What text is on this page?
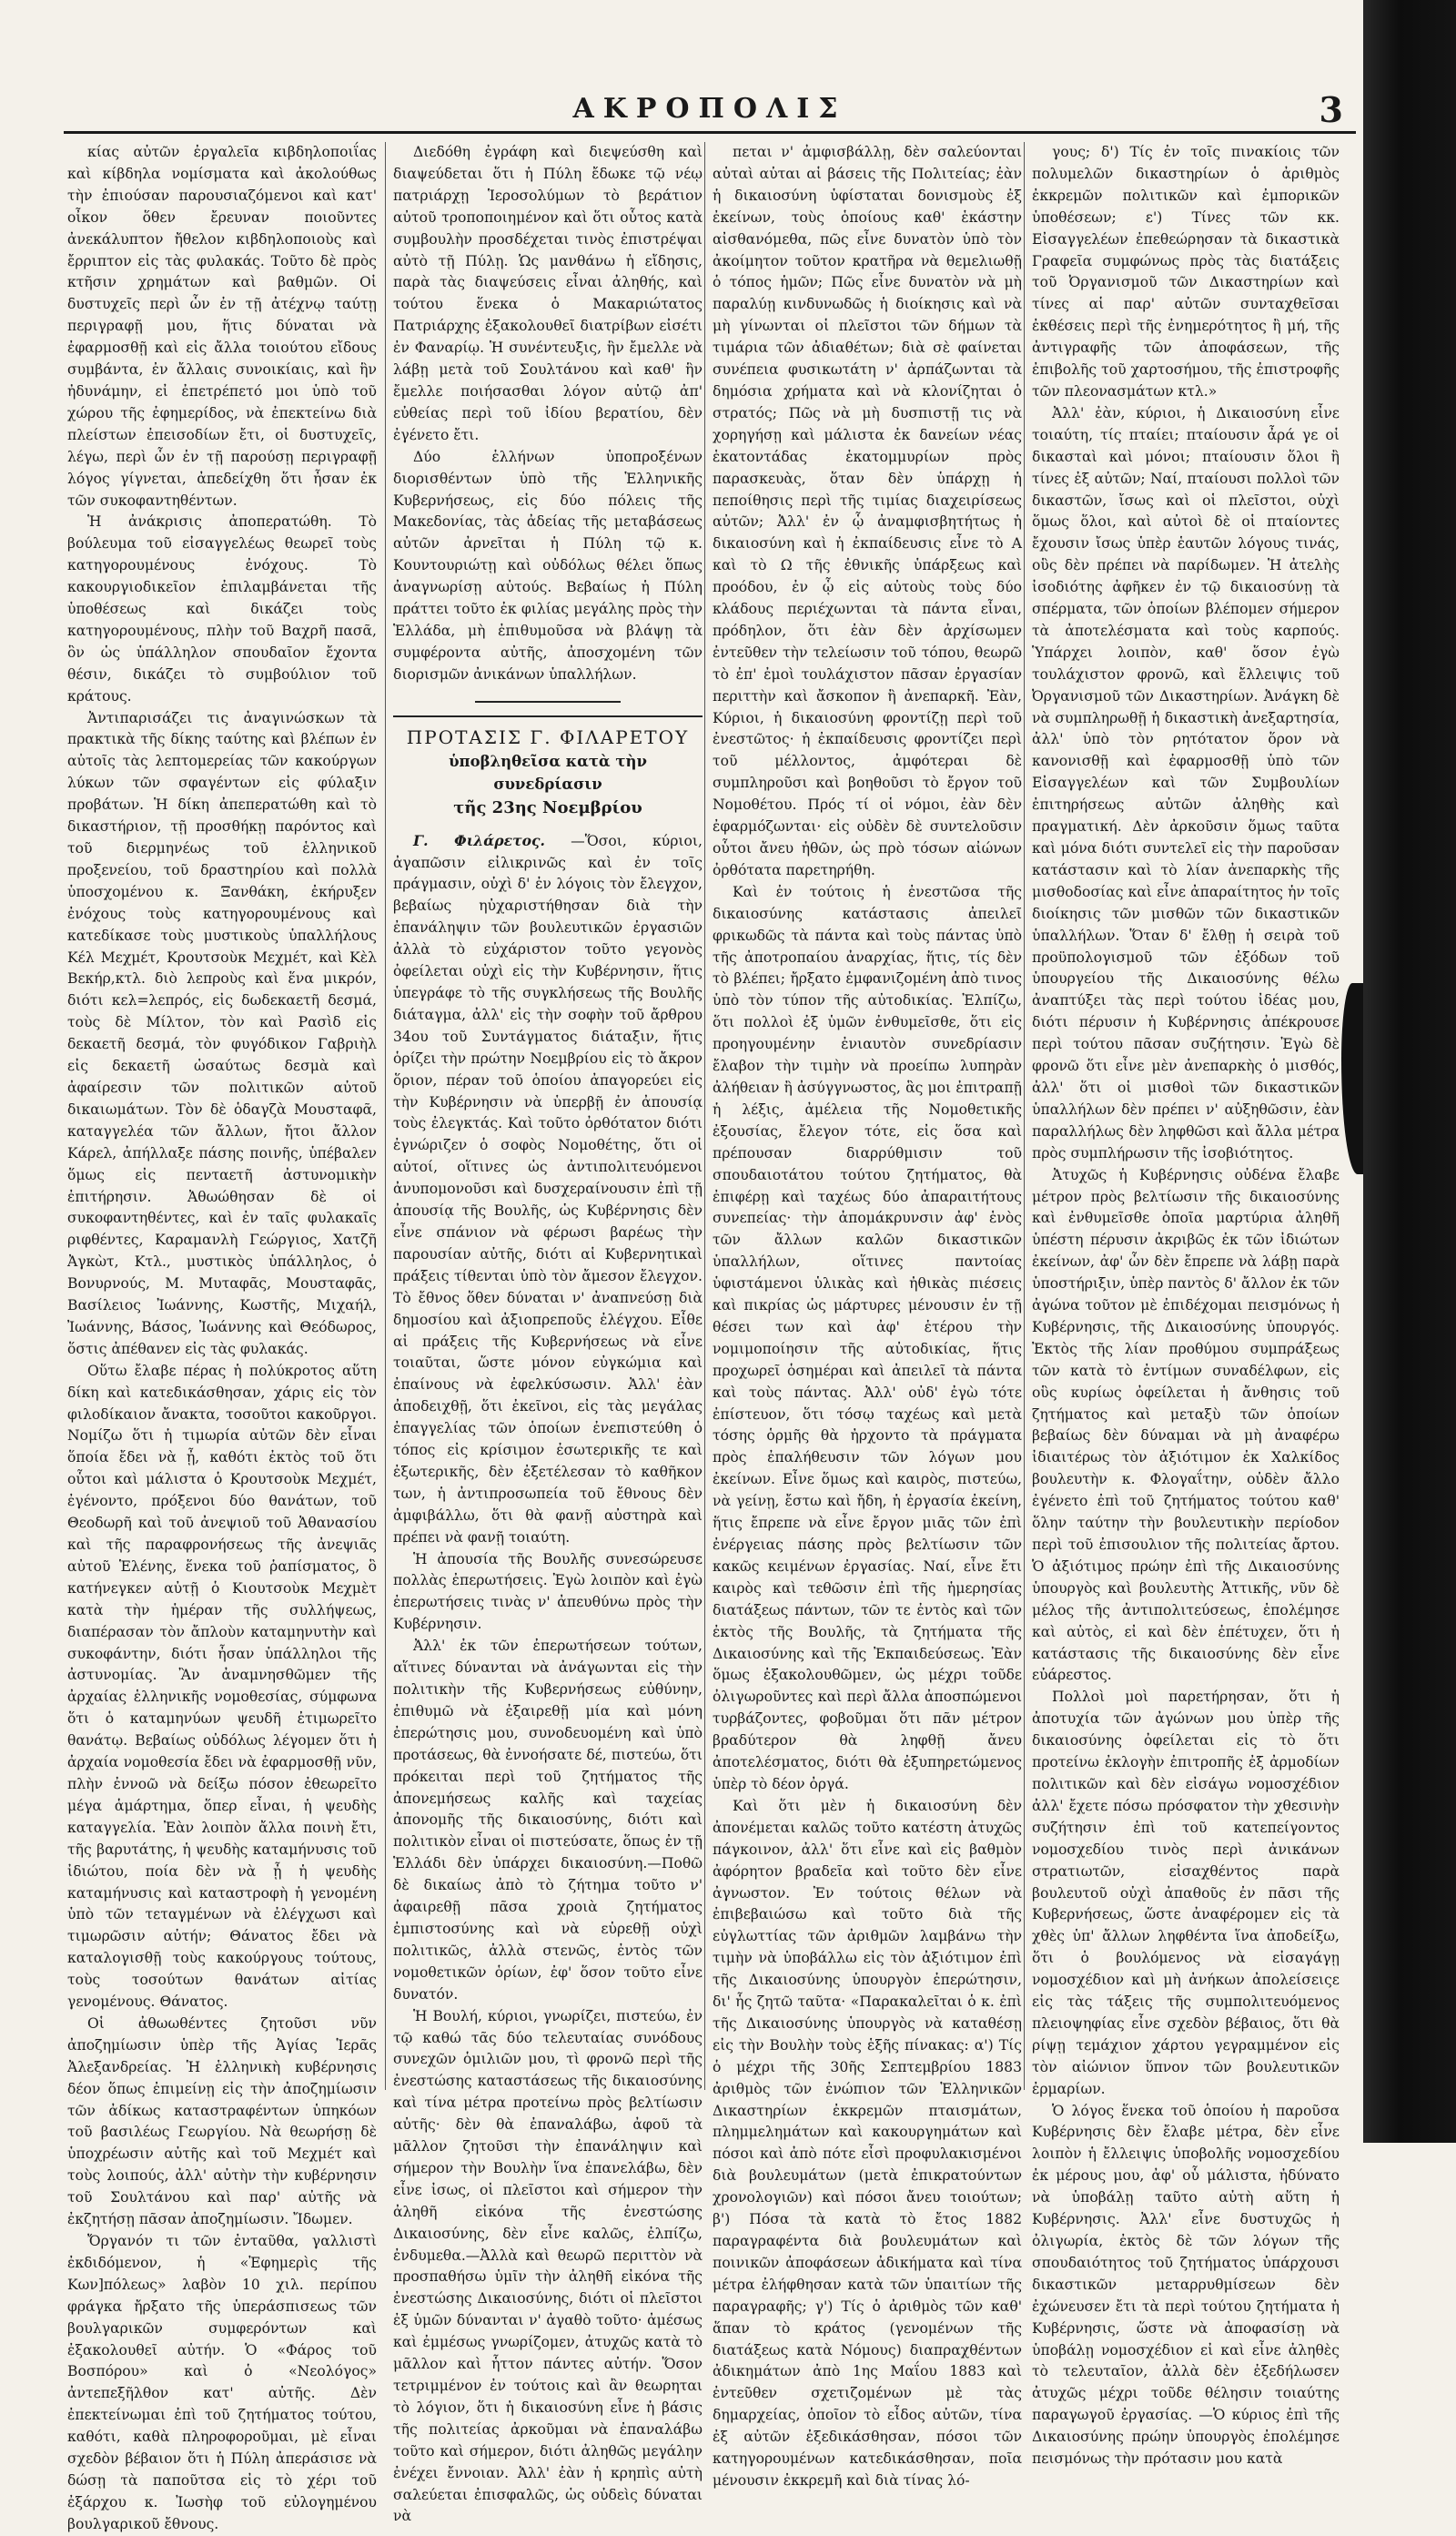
ΑΚΡΟΠΟΛΙΣ	3

κίας αὐτῶν ἐργαλεῖα κιβδηλοποιΐας καὶ κίβδηλα νομίσματα καὶ ἀκολούθως τὴν ἐπιούσαν παρουσιαζόμενοι καὶ κατ' οἶκον ὅθεν ἔρευναν ποιοῦντες ἀνεκάλυπτον ἤθελον κιβδηλοποιοὺς καὶ ἔρριπτον εἰς τὰς φυλακάς. Τοῦτο δὲ πρὸς κτῆσιν χρημάτων καὶ βαθμῶν. Οἱ δυστυχεῖς περὶ ὧν ἐν τῇ ἀτέχνῳ ταύτῃ περιγραφῇ μου, ἥτις δύναται νὰ ἐφαρμοσθῇ καὶ εἰς ἄλλα τοιούτου εἴδους συμβάντα, ἐν ἄλλαις συνοικίαις, καὶ ἣν ἠδυνάμην, εἰ ἐπετρέπετό μοι ὑπὸ τοῦ χώρου τῆς ἐφημερίδος, νὰ ἐπεκτείνω διὰ πλείστων ἐπεισοδίων ἔτι, οἱ δυστυχεῖς, λέγω, περὶ ὧν ἐν τῇ παρούσῃ περιγραφῇ λόγος γίγνεται, ἀπεδείχθη ὅτι ἦσαν ἐκ τῶν συκοφαντηθέντων.

Ἡ ἀνάκρισις ἀποπερατώθη. Τὸ βούλευμα τοῦ εἰσαγγελέως θεωρεῖ τοὺς κατηγορουμένους ἐνόχους. Τὸ κακουργιοδικεῖον ἐπιλαμβάνεται τῆς ὑποθέσεως καὶ δικάζει τοὺς κατηγορουμένους, πλὴν τοῦ Βαχρῆ πασᾶ, ὃν ὡς ὑπάλληλον σπουδαῖον ἔχοντα θέσιν, δικάζει τὸ συμβούλιον τοῦ κράτους.

Ἀντιπαρισάζει τις ἀναγινώσκων τὰ πρακτικὰ τῆς δίκης ταύτης καὶ βλέπων ἐν αὐτοῖς τὰς λεπτομερείας τῶν κακούργων λύκων τῶν σφαγέντων εἰς φύλαξιν προβάτων. Ἡ δίκη ἀπεπερατώθη καὶ τὸ δικαστήριον, τῇ προσθήκῃ παρόντος καὶ τοῦ διερμηνέως τοῦ ἑλληνικοῦ προξενείου, τοῦ δραστηρίου καὶ πολλὰ ὑποσχομένου κ. Ξανθάκη, ἐκήρυξεν ἐνόχους τοὺς κατηγορουμένους καὶ κατεδίκασε τοὺς μυστικοὺς ὑπαλλήλους Κέλ Μεχμέτ, Κρουτσοὺκ Μεχμέτ, καὶ Κὲλ Βεκήρ,κτλ. διὸ λεπροὺς καὶ ἕνα μικρόν, διότι κελ=λεπρός, εἰς δωδεκαετῆ δεσμά, τοὺς δὲ Μίλτον, τὸν καὶ Ρασὶδ εἰς δεκαετῆ δεσμά, τὸν φυγόδικον Γαβριὴλ εἰς δεκαετῆ ὡσαύτως δεσμὰ καὶ ἀφαίρεσιν τῶν πολιτικῶν αὐτοῦ δικαιωμάτων. Τὸν δὲ ὁδαγζὰ Μουσταφᾶ, καταγγελέα τῶν ἄλλων, ἤτοι ἄλλον Κάρελ, ἀπήλλαξε πάσης ποινῆς, ὑπέβαλεν ὅμως εἰς πενταετῆ ἀστυνομικὴν ἐπιτήρησιν. Ἀθωώθησαν δὲ οἱ συκοφαντηθέντες, καὶ ἐν ταῖς φυλακαῖς ριφθέντες, Καραμανλὴ Γεώργιος, Χατζῆ Ἀγκὼτ, Κτλ., μυστικὸς ὑπάλληλος, ὁ Βονυρνούς, Μ. Μυταφᾶς, Μουσταφᾶς, Βασίλειος Ἰωάννης, Κωστῆς, Μιχαήλ, Ἰωάννης, Βάσος, Ἰωάννης καὶ Θεόδωρος, ὅστις ἀπέθανεν εἰς τὰς φυλακάς.

Οὕτω ἔλαβε πέρας ἡ πολύκροτος αὕτη δίκη καὶ κατεδικάσθησαν, χάρις εἰς τὸν φιλοδίκαιον ἄνακτα, τοσοῦτοι κακοῦργοι. Νομίζω ὅτι ἡ τιμωρία αὐτῶν δὲν εἶναι ὅποία ἔδει νὰ ᾖ, καθότι ἐκτὸς τοῦ ὅτι οὗτοι καὶ μάλιστα ὁ Κρουτσοὺκ Μεχμέτ, ἐγένοντο, πρόξενοι δύο θανάτων, τοῦ Θεοδωρῆ καὶ τοῦ ἀνεψιοῦ τοῦ Ἀθανασίου καὶ τῆς παραφρονήσεως τῆς ἀνεψιᾶς αὐτοῦ Ἑλένης, ἕνεκα τοῦ ῥαπίσματος, ὃ κατήνεγκεν αὐτῇ ὁ Κιουτσοὺκ Μεχμὲτ κατὰ τὴν ἡμέραν τῆς συλλήψεως, διαπέρασαν τὸν ἄπλοὺν καταμηνυτὴν καὶ συκοφάντην, διότι ἦσαν ὑπάλληλοι τῆς ἀστυνομίας. Ἂν ἀναμνησθῶμεν τῆς ἀρχαίας ἑλληνικῆς νομοθεσίας, σύμφωνα ὅτι ὁ καταμηνύων ψευδῆ ἐτιμωρεῖτο θανάτῳ. Βεβαίως οὐδόλως λέγομεν ὅτι ἡ ἀρχαία νομοθεσία ἔδει νὰ ἐφαρμοσθῇ νῦν, πλὴν ἐννοῶ νὰ δείξω πόσον ἐθεωρεῖτο μέγα ἁμάρτημα, ὅπερ εἶναι, ἡ ψευδὴς καταγγελία. Ἐὰν λοιπὸν ἄλλα ποινὴ ἔτι, τῆς βαρυτάτης, ἡ ψευδὴς καταμήνυσις τοῦ ἰδιώτου, ποία δὲν νὰ ᾖ ἡ ψευδὴς καταμήνυσις καὶ καταστροφὴ ἡ γενομένη ὑπὸ τῶν τεταγμένων νὰ ἐλέγχωσι καὶ τιμωρῶσιν αὐτήν; Θάνατος ἔδει νὰ καταλογισθῇ τοὺς κακούργους τούτους, τοὺς τοσούτων θανάτων αἰτίας γενομένους. Θάνατος.

Οἱ ἀθωωθέντες ζητοῦσι νῦν ἀποζημίωσιν ὑπὲρ τῆς Ἀγίας Ἱερᾶς Ἀλεξανδρείας. Ἡ ἑλληνικὴ κυβέρνησις δέον ὅπως ἐπιμείνῃ εἰς τὴν ἀποζημίωσιν τῶν ἀδίκως καταστραφέντων ὑπηκόων τοῦ βασιλέως Γεωργίου. Νὰ θεωρήσῃ δὲ ὑποχρέωσιν αὐτῆς καὶ τοῦ Μεχμέτ καὶ τοὺς λοιπούς, ἀλλ' αὐτὴν τὴν κυβέρνησιν τοῦ Σουλτάνου καὶ παρ' αὐτῆς νὰ ἐκζητήσῃ πᾶσαν ἀποζημίωσιν. Ἴδωμεν.

Ὄργανόν τι τῶν ἐνταῦθα, γαλλιστὶ ἐκδιδόμενον, ἡ «Ἐφημερὶς τῆς Κων]πόλεως» λαβὸν 10 χιλ. περίπου φράγκα ἤρξατο τῆς ὑπεράσπισεως τῶν βουλγαρικῶν συμφερόντων καὶ ἐξακολουθεῖ αὐτήν. Ὁ «Φάρος τοῦ Βοσπόρου» καὶ ὁ «Νεολόγος» ἀντεπεξῆλθον κατ' αὐτῆς. Δὲν ἐπεκτείνωμαι ἐπὶ τοῦ ζητήματος τούτου, καθότι, καθὰ πληροφοροῦμαι, μὲ εἶναι σχεδὸν βέβαιον ὅτι ἡ Πύλη ἀπεράσισε νὰ δώσῃ τὰ παποῦτσα εἰς τὸ χέρι τοῦ ἐξάρχου κ. Ἰωσὴφ τοῦ εὐλογημένου βουλγαρικοῦ ἔθνους.

Διεδόθη ἐγράφη καὶ διεψεύσθη καὶ διαψεύδεται ὅτι ἡ Πύλη ἔδωκε τῷ νέῳ πατριάρχῃ Ἱεροσολύμων τὸ βεράτιον αὐτοῦ τροποποιημένον καὶ ὅτι οὗτος κατὰ συμβουλὴν προσδέχεται τινὸς ἐπιστρέψαι αὐτὸ τῇ Πύλῃ. Ὡς μανθάνω ἡ εἴδησις, παρὰ τὰς διαψεύσεις εἶναι ἀληθής, καὶ τούτου ἕνεκα ὁ Μακαριώτατος Πατριάρχης ἐξακολουθεῖ διατρίβων εἰσέτι ἐν Φαναρίῳ. Ἡ συνέντευξις, ἣν ἔμελλε νὰ λάβῃ μετὰ τοῦ Σουλτάνου καὶ καθ' ἣν ἔμελλε ποιήσασθαι λόγον αὐτῷ ἀπ' εὐθείας περὶ τοῦ ἰδίου βερατίου, δὲν ἐγένετο ἔτι.

Δύο ἑλλήνων ὑποπροξένων διορισθέντων ὑπὸ τῆς Ἑλληνικῆς Κυβερνήσεως, εἰς δύο πόλεις τῆς Μακεδονίας, τὰς ἀδείας τῆς μεταβάσεως αὐτῶν ἀρνεῖται ἡ Πύλη τῷ κ. Κουντουριώτῃ καὶ οὐδόλως θέλει ὅπως ἀναγνωρίσῃ αὐτούς. Βεβαίως ἡ Πύλη πράττει τοῦτο ἐκ φιλίας μεγάλης πρὸς τὴν Ἑλλάδα, μὴ ἐπιθυμοῦσα νὰ βλάψῃ τὰ συμφέροντα αὐτῆς, ἀποσχομένη τῶν διορισμῶν ἀνικάνων ὑπαλλήλων.

ΠΡΟΤΑΣΙΣ Γ. ΦΙΛΑΡΕΤΟΥ
ὑποβληθεῖσα κατὰ τὴν συνεδρίασιν
τῆς 23ης Νοεμβρίου

Γ. Φιλάρετος. —Ὅσοι, κύριοι, ἀγαπῶσιν εἰλικρινῶς καὶ ἐν τοῖς πράγμασιν, οὐχὶ δ' ἐν λόγοις τὸν ἔλεγχον, βεβαίως ηὐχαριστήθησαν διὰ τὴν ἐπανάληψιν τῶν βουλευτικῶν ἐργασιῶν ἀλλὰ τὸ εὐχάριστον τοῦτο γεγονὸς ὀφείλεται οὐχὶ εἰς τὴν Κυβέρνησιν, ἥτις ὑπεγράφε τὸ τῆς συγκλήσεως τῆς Βουλῆς διάταγμα, ἀλλ' εἰς τὴν σοφὴν τοῦ ἄρθρου 34ου τοῦ Συντάγματος διάταξιν, ἥτις ὁρίζει τὴν πρώτην Νοεμβρίου εἰς τὸ ἄκρον ὅριον, πέραν τοῦ ὁποίου ἀπαγορεύει εἰς τὴν Κυβέρνησιν νὰ ὑπερβῇ ἐν ἀπουσίᾳ τοὺς ἐλεγκτάς. Καὶ τοῦτο ὀρθότατον διότι ἐγνώριζεν ὁ σοφὸς Νομοθέτης, ὅτι οἱ αὐτοί, οἵτινες ὡς ἀντιπολιτευόμενοι ἀνυπομονοῦσι καὶ δυσχεραίνουσιν ἐπὶ τῇ ἀπουσίᾳ τῆς Βουλῆς, ὡς Κυβέρνησις δὲν εἶνε σπάνιον νὰ φέρωσι βαρέως τὴν παρουσίαν αὐτῆς, διότι αἱ Κυβερνητικαὶ πράξεις τίθενται ὑπὸ τὸν ἄμεσον ἔλεγχον. Τὸ ἔθνος ὅθεν δύναται ν' ἀναπνεύσῃ διὰ δημοσίου καὶ ἀξιοπρεποῦς ἐλέγχου. Εἶθε αἱ πράξεις τῆς Κυβερνήσεως νὰ εἶνε τοιαῦται, ὥστε μόνον εὐγκώμια καὶ ἐπαίνους νὰ ἐφελκύσωσιν. Ἀλλ' ἐὰν ἀποδειχθῇ, ὅτι ἐκεῖνοι, εἰς τὰς μεγάλας ἐπαγγελίας τῶν ὁποίων ἐνεπιστεύθη ὁ τόπος εἰς κρίσιμον ἐσωτερικῆς τε καὶ ἐξωτερικῆς, δὲν ἐξετέλεσαν τὸ καθῆκον των, ἡ ἀντιπροσωπεία τοῦ ἔθνους δὲν ἀμφιβάλλω, ὅτι θὰ φανῇ αὐστηρὰ καὶ πρέπει νὰ φανῇ τοιαύτη.

Ἡ ἀπουσία τῆς Βουλῆς συνεσώρευσε πολλὰς ἐπερωτήσεις. Ἐγὼ λοιπὸν καὶ ἐγὼ ἐπερωτήσεις τινὰς ν' ἀπευθύνω πρὸς τὴν Κυβέρνησιν.

Ἀλλ' ἐκ τῶν ἐπερωτήσεων τούτων, αἵτινες δύνανται νὰ ἀνάγωνται εἰς τὴν πολιτικὴν τῆς Κυβερνήσεως εὐθύνην, ἐπιθυμῶ νὰ ἐξαιρεθῇ μία καὶ μόνη ἐπερώτησις μου, συνοδευομένη καὶ ὑπὸ προτάσεως, θὰ ἐννοήσατε δέ, πιστεύω, ὅτι πρόκειται περὶ τοῦ ζητήματος τῆς ἀπονεμήσεως καλῆς καὶ ταχείας ἀπονομῆς τῆς δικαιοσύνης, διότι καὶ πολιτικὸν εἶναι οἱ πιστεύσατε, ὅπως ἐν τῇ Ἑλλάδι δὲν ὑπάρχει δικαιοσύνη.—Ποθῶ δὲ δικαίως ἀπὸ τὸ ζήτημα τοῦτο ν' ἀφαιρεθῇ πᾶσα χροιὰ ζητήματος ἐμπιστοσύνης καὶ νὰ εὑρεθῇ οὐχὶ πολιτικῶς, ἀλλὰ στενῶς, ἐντὸς τῶν νομοθετικῶν ὁρίων, ἐφ' ὅσον τοῦτο εἶνε δυνατόν.

Ἡ Βουλή, κύριοι, γνωρίζει, πιστεύω, ἐν τῷ καθώ τᾶς δύο τελευταίας συνόδους συνεχῶν ὁμιλιῶν μου, τὶ φρονῶ περὶ τῆς ἐνεστώσης καταστάσεως τῆς δικαιοσύνης καὶ τίνα μέτρα προτείνω πρὸς βελτίωσιν αὐτῆς· δὲν θὰ ἐπαναλάβω, ἀφοῦ τὰ μᾶλλον ζητοῦσι τὴν ἐπανάληψιν καὶ σήμερον τὴν Βουλὴν ἵνα ἐπανελάβω, δὲν εἶνε ἰσως, οἱ πλεῖστοι καὶ σήμερον τὴν ἀληθῆ εἰκόνα τῆς ἐνεστώσης Δικαιοσύνης, δὲν εἶνε καλῶς, ἐλπίζω, ἐνδυμεθα.—Ἀλλὰ καὶ θεωρῶ περιττὸν νὰ προσπαθήσω ὑμῖν τὴν ἀληθῆ εἰκόνα τῆς ἐνεστώσης Δικαιοσύνης, διότι οἱ πλεῖστοι ἐξ ὑμῶν δύνανται ν' ἀγαθὸ τοῦτο· ἀμέσως καὶ ἐμμέσως γνωρίζομεν, ἀτυχῶς κατὰ τὸ μᾶλλον καὶ ἧττον πάντες αὐτήν. Ὅσον τετριμμένον ἐν τούτοις καὶ ἂν θεωρηται τὸ λόγιον, ὅτι ἡ δικαιοσύνη εἶνε ἡ βάσις τῆς πολιτείας ἀρκοῦμαι νὰ ἐπαναλάβω τοῦτο καὶ σήμερον, διότι ἀληθῶς μεγάλην ἐνέχει ἔννοιαν. Ἀλλ' ἐὰν ἡ κρηπὶς αὐτὴ σαλεύεται ἐπισφαλῶς, ὡς οὐδεὶς δύναται νὰ

πεται ν' ἀμφισβάλλῃ, δὲν σαλεύονται αὐταὶ αὐται αἱ βάσεις τῆς Πολιτείας; ἐὰν ἡ δικαιοσύνη ὑφίσταται δονισμοὺς ἐξ ἐκείνων, τοὺς ὁποίους καθ' ἑκάστην αἰσθανόμεθα, πῶς εἶνε δυνατὸν ὑπὸ τὸν ἀκοίμητον τοῦτον κρατῆρα νὰ θεμελιωθῇ ὁ τόπος ἡμῶν; Πῶς εἶνε δυνατὸν νὰ μὴ παραλύῃ κινδυνωδῶς ἡ διοίκησις καὶ νὰ μὴ γίνωνται οἱ πλεῖστοι τῶν δήμων τὰ τιμάρια τῶν ἀδιαθέτων; διὰ σὲ φαίνεται συνέπεια φυσικωτάτη ν' ἀρπάζωνται τὰ δημόσια χρήματα καὶ νὰ κλονίζηται ὁ στρατός; Πῶς νὰ μὴ δυσπιστῇ τις νὰ χορηγήσῃ καὶ μάλιστα ἐκ δανείων νέας ἑκατοντάδας ἑκατομμυρίων πρὸς παρασκευὰς, ὅταν δὲν ὑπάρχῃ ἡ πεποίθησις περὶ τῆς τιμίας διαχειρίσεως αὐτῶν; Ἀλλ' ἐν ᾧ ἀναμφισβητήτως ἡ δικαιοσύνη καὶ ἡ ἐκπαίδευσις εἶνε τὸ Α καὶ τὸ Ω τῆς ἐθνικῆς ὑπάρξεως καὶ προόδου, ἐν ᾧ εἰς αὐτοὺς τοὺς δύο κλάδους περιέχωνται τὰ πάντα εἶναι, πρόδηλον, ὅτι ἐὰν δὲν ἀρχίσωμεν ἐντεῦθεν τὴν τελείωσιν τοῦ τόπου, θεωρῶ τὸ ἐπ' ἐμοὶ τουλάχιστον πᾶσαν ἐργασίαν περιττὴν καὶ ἄσκοπον ἢ ἀνεπαρκῆ. Ἐὰν, Κύριοι, ἡ δικαιοσύνη φροντίζῃ περὶ τοῦ ἐνεστῶτος· ἡ ἐκπαίδευσις φροντίζει περὶ τοῦ μέλλοντος, ἀμφότεραι δὲ συμπληροῦσι καὶ βοηθοῦσι τὸ ἔργον τοῦ Νομοθέτου. Πρός τί οἱ νόμοι, ἐὰν δὲν ἐφαρμόζωνται· εἰς οὐδὲν δὲ συντελοῦσιν οὗτοι ἄνευ ἠθῶν, ὡς πρὸ τόσων αἰώνων ὀρθότατα παρετηρήθη.

Καὶ ἐν τούτοις ἡ ἐνεστῶσα τῆς δικαιοσύνης κατάστασις ἀπειλεῖ φρικωδῶς τὰ πάντα καὶ τοὺς πάντας ὑπὸ τῆς ἀποτροπαίου ἀναρχίας, ἥτις, τίς δὲν τὸ βλέπει; ἤρξατο ἐμφανιζομένη ἀπὸ τινος ὑπὸ τὸν τύπον τῆς αὐτοδικίας. Ἐλπίζω, ὅτι πολλοὶ ἐξ ὑμῶν ἐνθυμεῖσθε, ὅτι εἰς προηγουμένην ἐνιαυτὸν συνεδρίασιν ἔλαβον τὴν τιμὴν νὰ προείπω λυπηρὰν ἀλήθειαν ἢ ἀσύγγνωστος, ἃς μοι ἐπιτραπῇ ἡ λέξις, ἀμέλεια τῆς Νομοθετικῆς ἐξουσίας, ἔλεγον τότε, εἰς ὅσα καὶ πρέπουσαν διαρρύθμισιν τοῦ σπουδαιοτάτου τούτου ζητήματος, θὰ ἐπιφέρῃ καὶ ταχέως δύο ἀπαραιτήτους συνεπείας· τὴν ἀπομάκρυνσιν ἀφ' ἑνὸς τῶν ἄλλων καλῶν δικαστικῶν ὑπαλλήλων, οἵτινες παντοίας ὑφιστάμενοι ὑλικὰς καὶ ἠθικὰς πιέσεις καὶ πικρίας ὡς μάρτυρες μένουσιν ἐν τῇ θέσει των καὶ ἀφ' ἑτέρου τὴν νομιμοποίησιν τῆς αὐτοδικίας, ἥτις προχωρεῖ ὁσημέραι καὶ ἀπειλεῖ τὰ πάντα καὶ τοὺς πάντας. Ἀλλ' οὐδ' ἐγὼ τότε ἐπίστευον, ὅτι τόσῳ ταχέως καὶ μετὰ τόσης ὁρμῆς θὰ ἠρχοντο τὰ πράγματα πρὸς ἐπαλήθευσιν τῶν λόγων μου ἐκείνων. Εἶνε ὅμως καὶ καιρὸς, πιστεύω, νὰ γείνῃ, ἔστω καὶ ἤδη, ἡ ἐργασία ἐκείνη, ἥτις ἔπρεπε νὰ εἶνε ἔργον μιᾶς τῶν ἐπὶ ἐνέργειας πάσης πρὸς βελτίωσιν τῶν κακῶς κειμένων ἐργασίας. Ναί, εἶνε ἔτι καιρὸς καὶ τεθῶσιν ἐπὶ τῆς ἡμερησίας διατάξεως πάντων, τῶν τε ἐντὸς καὶ τῶν ἐκτὸς τῆς Βουλῆς, τὰ ζητήματα τῆς Δικαιοσύνης καὶ τῆς Ἐκπαιδεύσεως. Ἐὰν ὅμως ἐξακολουθῶμεν, ὡς μέχρι τοῦδε ὀλιγωροῦντες καὶ περὶ ἄλλα ἀποσπώμενοι τυρβάζοντες, φοβοῦμαι ὅτι πᾶν μέτρον βραδύτερον θὰ ληφθῇ ἄνευ ἀποτελέσματος, διότι θὰ ἐξυπηρετώμενος ὑπὲρ τὸ δέον ὀργά.

Καὶ ὅτι μὲν ἡ δικαιοσύνη δὲν ἀπονέμεται καλῶς τοῦτο κατέστη ἀτυχῶς πάγκοινον, ἀλλ' ὅτι εἶνε καὶ εἰς βαθμὸν ἀφόρητον βραδεῖα καὶ τοῦτο δὲν εἶνε ἀγνωστον. Ἐν τούτοις θέλων νὰ ἐπιβεβαιώσω καὶ τοῦτο διὰ τῆς εὐγλωττίας τῶν ἀριθμῶν λαμβάνω τὴν τιμὴν νὰ ὑποβάλλω εἰς τὸν ἀξιότιμον ἐπὶ τῆς Δικαιοσύνης ὑπουργὸν ἐπερώτησιν, δι' ἧς ζητῶ ταῦτα· «Παρακαλεῖται ὁ κ. ἐπὶ τῆς Δικαιοσύνης ὑπουργὸς νὰ καταθέσῃ εἰς τὴν Βουλὴν τοὺς ἑξῆς πίνακας: α') Τίς ὁ μέχρι τῆς 30ῆς Σεπτεμβρίου 1883 ἀριθμὸς τῶν ἐνώπιον τῶν Ἑλληνικῶν Δικαστηρίων ἐκκρεμῶν πταισμάτων, πλημμελημάτων καὶ κακουργημάτων καὶ πόσοι καὶ ἀπὸ πότε εἶσὶ προφυλακισμένοι διὰ βουλευμάτων (μετὰ ἐπικρατούντων χρονολογιῶν) καὶ πόσοι ἄνευ τοιούτων; β') Πόσα τὰ κατὰ τὸ ἔτος 1882 παραγραφέντα διὰ βουλευμάτων καὶ ποινικῶν ἀποφάσεων ἀδικήματα καὶ τίνα μέτρα ἐλήφθησαν κατὰ τῶν ὑπαιτίων τῆς παραγραφῆς; γ') Τίς ὁ ἀριθμὸς τῶν καθ' ἅπαν τὸ κράτος (γενομένων τῆς διατάξεως κατὰ Νόμους) διαπραχθέντων ἀδικημάτων ἀπὸ 1ης Μαΐου 1883 καὶ ἐντεῦθεν σχετιζομένων μὲ τὰς δημαρχείας, ὁποῖον τὸ εἶδος αὐτῶν, τίνα ἐξ αὐτῶν ἐξεδικάσθησαν, πόσοι τῶν κατηγορουμένων κατεδικάσθησαν, ποῖα μένουσιν ἐκκρεμῆ καὶ διὰ τίνας λό-

γους; δ') Τίς ἐν τοῖς πινακίοις τῶν πολυμελῶν δικαστηρίων ὁ ἀριθμὸς ἐκκρεμῶν πολιτικῶν καὶ ἐμπορικῶν ὑποθέσεων; ε') Τίνες τῶν κκ. Εἰσαγγελέων ἐπεθεώρησαν τὰ δικαστικὰ Γραφεῖα συμφώνως πρὸς τὰς διατάξεις τοῦ Ὀργανισμοῦ τῶν Δικαστηρίων καὶ τίνες αἱ παρ' αὐτῶν συνταχθεῖσαι ἐκθέσεις περὶ τῆς ἐνημερότητος ἢ μή, τῆς ἀντιγραφῆς τῶν ἀποφάσεων, τῆς ἐπιβολῆς τοῦ χαρτοσήμου, τῆς ἐπιστροφῆς τῶν πλεονασμάτων κτλ.»

Ἀλλ' ἐὰν, κύριοι, ἡ Δικαιοσύνη εἶνε τοιαύτη, τίς πταίει; πταίουσιν ἆρά γε οἱ δικασταὶ καὶ μόνοι; πταίουσιν ὅλοι ἢ τίνες ἐξ αὐτῶν; Ναί, πταίουσι πολλοὶ τῶν δικαστῶν, ἴσως καὶ οἱ πλεῖστοι, οὐχὶ ὅμως ὅλοι, καὶ αὐτοὶ δὲ οἱ πταίοντες ἔχουσιν ἴσως ὑπὲρ ἑαυτῶν λόγους τινάς, οὓς δὲν πρέπει νὰ παρίδωμεν. Ἡ ἀτελὴς ἰσοδιότης ἀφῆκεν ἐν τῷ δικαιοσύνῃ τὰ σπέρματα, τῶν ὁποίων βλέπομεν σήμερον τὰ ἀποτελέσματα καὶ τοὺς καρπούς. Ὑπάρχει λοιπὸν, καθ' ὅσον ἐγὼ τουλάχιστον φρονῶ, καὶ ἔλλειψις τοῦ Ὀργανισμοῦ τῶν Δικαστηρίων. Ἀνάγκη δὲ νὰ συμπληρωθῇ ἡ δικαστικὴ ἀνεξαρτησία, ἀλλ' ὑπὸ τὸν ρητότατον ὅρον νὰ κανονισθῇ καὶ ἐφαρμοσθῇ ὑπὸ τῶν Εἰσαγγελέων καὶ τῶν Συμβουλίων ἐπιτηρήσεως αὐτῶν ἀληθὴς καὶ πραγματική. Δὲν ἀρκοῦσιν ὅμως ταῦτα καὶ μόνα διότι συντελεῖ εἰς τὴν παροῦσαν κατάστασιν καὶ τὸ λίαν ἀνεπαρκὴς τῆς μισθοδοσίας καὶ εἶνε ἀπαραίτητος ἡν τοῖς διοίκησις τῶν μισθῶν τῶν δικαστικῶν ὑπαλλήλων. Ὅταν δ' ἔλθῃ ἡ σειρὰ τοῦ προϋπολογισμοῦ τῶν ἐξόδων τοῦ ὑπουργείου τῆς Δικαιοσύνης θέλω ἀναπτύξει τὰς περὶ τούτου ἰδέας μου, διότι πέρυσιν ἡ Κυβέρνησις ἀπέκρουσε περὶ τούτου πᾶσαν συζήτησιν. Ἐγὼ δὲ φρονῶ ὅτι εἶνε μὲν ἀνεπαρκὴς ὁ μισθός, ἀλλ' ὅτι οἱ μισθοὶ τῶν δικαστικῶν ὑπαλλήλων δὲν πρέπει ν' αὐξηθῶσιν, ἐὰν παραλλήλως δὲν ληφθῶσι καὶ ἄλλα μέτρα πρὸς συμπλήρωσιν τῆς ἰσοβιότητος.

Ἀτυχῶς ἡ Κυβέρνησις οὐδένα ἔλαβε μέτρον πρὸς βελτίωσιν τῆς δικαιοσύνης καὶ ἐνθυμεῖσθε ὁποῖα μαρτύρια ἀληθῆ ὑπέστη πέρυσιν ἀκριβῶς ἐκ τῶν ἰδιώτων ἐκείνων, ἀφ' ὧν δὲν ἔπρεπε νὰ λάβῃ παρὰ ὑποστήριξιν, ὑπὲρ παντὸς δ' ἄλλον ἐκ τῶν ἀγώνα τοῦτον μὲ ἐπιδέχομαι πεισμόνως ἡ Κυβέρνησις, τῆς Δικαιοσύνης ὑπουργός. Ἐκτὸς τῆς λίαν προθύμου συμπράξεως τῶν κατὰ τὸ ἐντίμων συναδέλφων, εἰς οὓς κυρίως ὀφείλεται ἡ ἄνθησις τοῦ ζητήματος καὶ μεταξὺ τῶν ὁποίων βεβαίως δὲν δύναμαι νὰ μὴ ἀναφέρω ἰδιαιτέρως τὸν ἀξιότιμον ἐκ Χαλκίδος βουλευτὴν κ. Φλογαΐτην, οὐδὲν ἄλλο ἐγένετο ἐπὶ τοῦ ζητήματος τούτου καθ' ὅλην ταύτην τὴν βουλευτικὴν περίοδον περὶ τοῦ ἐπισουλιον τῆς πολιτείας ἄρτου. Ὁ ἀξιότιμος πρώην ἐπὶ τῆς Δικαιοσύνης ὑπουργὸς καὶ βουλευτὴς Ἀττικῆς, νῦν δὲ μέλος τῆς ἀντιπολιτεύσεως, ἐπολέμησε καὶ αὐτὸς, εἰ καὶ δὲν ἐπέτυχεν, ὅτι ἡ κατάστασις τῆς δικαιοσύνης δὲν εἶνε εὐάρεστος.

Πολλοὶ μοὶ παρετήρησαν, ὅτι ἡ ἀποτυχία τῶν ἀγώνων μου ὑπὲρ τῆς δικαιοσύνης ὀφείλεται εἰς τὸ ὅτι προτείνω ἐκλογὴν ἐπιτροπῆς ἐξ ἀρμοδίων πολιτικῶν καὶ δὲν εἰσάγω νομοσχέδιον ἀλλ' ἔχετε πόσω πρόσφατον τὴν χθεσινὴν συζήτησιν ἐπὶ τοῦ κατεπείγοντος νομοσχεδίου τινὸς περὶ ἀνικάνων στρατιωτῶν, εἰσαχθέντος παρὰ βουλευτοῦ οὐχὶ ἀπαθοῦς ἐν πᾶσι τῆς Κυβερνήσεως, ὥστε ἀναφέρομεν εἰς τὰ χθὲς ὑπ' ἄλλων ληφθέντα ἵνα ἀποδείξω, ὅτι ὁ βουλόμενος νὰ εἰσαγάγῃ νομοσχέδιον καὶ μὴ ἀνήκων ἀπολείσειςε εἰς τὰς τάξεις τῆς συμπολιτευόμενος πλειοψηφίας εἶνε σχεδὸν βέβαιος, ὅτι θὰ ρίψῃ τεμάχιον χάρτου γεγραμμένον εἰς τὸν αἰώνιον ὕπνον τῶν βουλευτικῶν ἐρμαρίων.

Ὁ λόγος ἕνεκα τοῦ ὁποίου ἡ παροῦσα Κυβέρνησις δὲν ἔλαβε μέτρα, δὲν εἶνε λοιπὸν ἡ ἔλλειψις ὑποβολῆς νομοσχεδίου ἐκ μέρους μου, ἀφ' οὗ μάλιστα, ἠδύνατο νὰ ὑποβάλῃ ταῦτο αὐτὴ αὕτη ἡ Κυβέρνησις. Ἀλλ' εἶνε δυστυχῶς ἡ ὀλιγωρία, ἐκτὸς δὲ τῶν λόγων τῆς σπουδαιότητος τοῦ ζητήματος ὑπάρχουσι δικαστικῶν μεταρρυθμίσεων δὲν ἐχώνευσεν ἔτι τὰ περὶ τούτου ζητήματα ἡ Κυβέρνησις, ὥστε νὰ ἀποφασίσῃ νὰ ὑποβάλῃ νομοσχέδιον εἰ καὶ εἶνε ἀληθὲς τὸ τελευταῖον, ἀλλὰ δὲν ἐξεδήλωσεν ἀτυχῶς μέχρι τοῦδε θέλησιν τοιαύτης παραγωγοῦ ἐργασίας. —Ὁ κύριος ἐπὶ τῆς Δικαιοσύνης πρώην ὑπουργὸς ἐπολέμησε πεισμόνως τὴν πρότασιν μου κατὰ
